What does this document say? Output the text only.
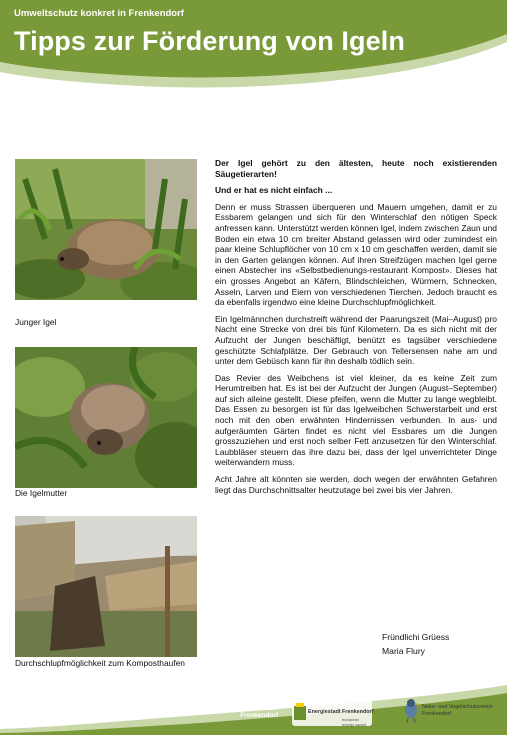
Umweltschutz konkret in Frenkendorf
Tipps zur Förderung von Igeln
Junger Igel
Die Igelmutter
Durchschlupfmöglichkeit zum Komposthaufen

Der Igel gehört zu den ältesten, heute noch existierenden Säugetierarten!

Und er hat es nicht einfach ...

Denn er muss Strassen überqueren und Mauern umgehen, damit er zu Essbarem gelangen und sich für den Winterschlaf den nötigen Speck anfressen kann. Unterstützt werden können Igel, indem zwischen Zaun und Boden ein etwa 10 cm breiter Abstand gelassen wird oder zumindest ein paar kleine Schlupflöcher von 10 cm x 10 cm geschaffen werden, damit sie in den Garten gelangen können. Auf ihren Streifzügen machen Igel gerne einen Abstecher ins «Selbstbedienungs-restaurant Kompost». Dieses hat ein grosses Angebot an Käfern, Blindschleichen, Würmern, Schnecken, Asseln, Larven und Eiern von verschiedenen Tierchen. Jedoch braucht es da ebenfalls irgendwo eine kleine Durchschlupfmöglichkeit.

Ein Igelmännchen durchstreift während der Paarungszeit (Mai–August) pro Nacht eine Strecke von drei bis fünf Kilometern. Da es sich nicht mit der Aufzucht der Jungen beschäftigt, benützt es tagsüber verschiedene geschützte Schlafplätze. Der Gebrauch von Tellersensen nahe am und unter dem Gebüsch kann für ihn deshalb tödlich sein.

Das Revier des Weibchens ist viel kleiner, da es keine Zeit zum Herumtreiben hat. Es ist bei der Aufzucht der Jungen (August–September) auf sich alleine gestellt. Diese pfeifen, wenn die Mutter zu lange wegbleibt. Das Essen zu besorgen ist für das Igelweibchen Schwerstarbeit und erst noch mit den oben erwähnten Hindernissen verbunden. In aus- und aufgeräumten Gärten findet es nicht viel Essbares um die Jungen grosszuziehen und erst noch selber Fett anzusetzen für den Winterschlaf. Laubbläser steuern das ihre dazu bei, dass der Igel unverrichteter Dinge weiterwandern muss.

Acht Jahre alt könnten sie werden, doch wegen der erwähnten Gefahren liegt das Durchschnittsalter heutzutage bei zwei bis vier Jahren.

Fründlichi Grüess
Maria Flury
UEK
Frenkendorf	Energiestadt Frenkendorf
european energy award
Natur- und Vogelschutzverein
Frenkendorf
